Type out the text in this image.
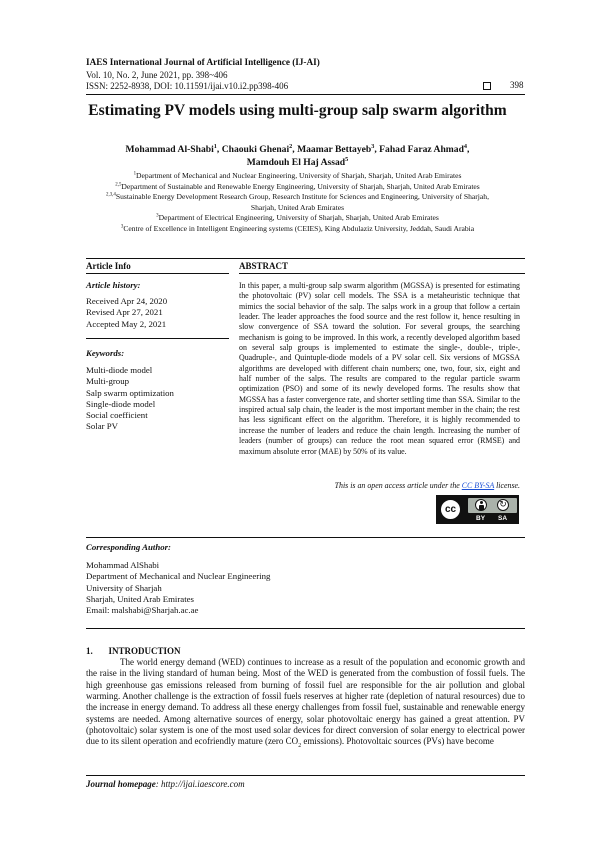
IAES International Journal of Artificial Intelligence (IJ-AI)
Vol. 10, No. 2, June 2021, pp. 398~406
ISSN: 2252-8938, DOI: 10.11591/ijai.v10.i2.pp398-406	398
Estimating PV models using multi-group salp swarm algorithm
Mohammad Al-Shabi$^1$, Chaouki Ghenai$^2$, Maamar Bettayeb$^3$, Fahad Faraz Ahmad$^4$,
Mamdouh El Haj Assad$^5$
$^1$Department of Mechanical and Nuclear Engineering, University of Sharjah, Sharjah, United Arab Emirates
$^{2,5}$Department of Sustainable and Renewable Energy Engineering, University of Sharjah, Sharjah, United Arab Emirates
$^{2,3,4}$Sustainable Energy Development Research Group, Research Institute for Sciences and Engineering, University of Sharjah, Sharjah, United Arab Emirates
$^3$Department of Electrical Engineering, University of Sharjah, Sharjah, United Arab Emirates
$^3$Centre of Excellence in Intelligent Engineering systems (CEIES), King Abdulaziz University, Jeddah, Saudi Arabia
Article Info	ABSTRACT
Article history:
Received Apr 24, 2020
Revised Apr 27, 2021
Accepted May 2, 2021
Keywords:
Multi-diode model
Multi-group
Salp swarm optimization
Single-diode model
Social coefficient
Solar PV
In this paper, a multi-group salp swarm algorithm (MGSSA) is presented for estimating the photovoltaic (PV) solar cell models. The SSA is a metaheuristic technique that mimics the social behavior of the salp. The salps work in a group that follow a certain leader. The leader approaches the food source and the rest follow it, hence resulting in slow convergence of SSA toward the solution. For several groups, the searching mechanism is going to be improved. In this work, a recently developed algorithm based on several salp groups is implemented to estimate the single-, double-, triple-, Quadruple-, and Quintuple-diode models of a PV solar cell. Six versions of MGSSA algorithms are developed with different chain numbers; one, two, four, six, eight and half number of the salps. The results are compared to the regular particle swarm optimization (PSO) and some of its newly developed forms. The results show that MGSSA has a faster convergence rate, and shorter settling time than SSA. Similar to the inspired actual salp chain, the leader is the most important member in the chain; the rest has less significant effect on the algorithm. Therefore, it is highly recommended to increase the number of leaders and reduce the chain length. Increasing the number of leaders (number of groups) can reduce the root mean squared error (RMSE) and maximum absolute error (MAE) by 50% of its value.
This is an open access article under the CC BY-SA license.
cc	↻
BY SA
Corresponding Author:
Mohammad AlShabi
Department of Mechanical and Nuclear Engineering
University of Sharjah
Sharjah, United Arab Emirates
Email: malshabi@Sharjah.ac.ae
1.       INTRODUCTION
The world energy demand (WED) continues to increase as a result of the population and economic growth and the raise in the living standard of human being. Most of the WED is generated from the combustion of fossil fuels. The high greenhouse gas emissions released from burning of fossil fuel are responsible for the air pollution and global warming. Another challenge is the extraction of fossil fuels reserves at higher rate (depletion of natural resources) due to the increase in energy demand. To address all these energy challenges from fossil fuel, sustainable and renewable energy systems are needed. Among alternative sources of energy, solar photovoltaic energy has gained a great attention. PV (photovoltaic) solar system is one of the most used solar devices for direct conversion of solar energy to electrical power due to its silent operation and ecofriendly mature (zero $CO_2$ emissions). Photovoltaic sources (PVs) have become
Journal homepage: http://ijai.iaescore.com
